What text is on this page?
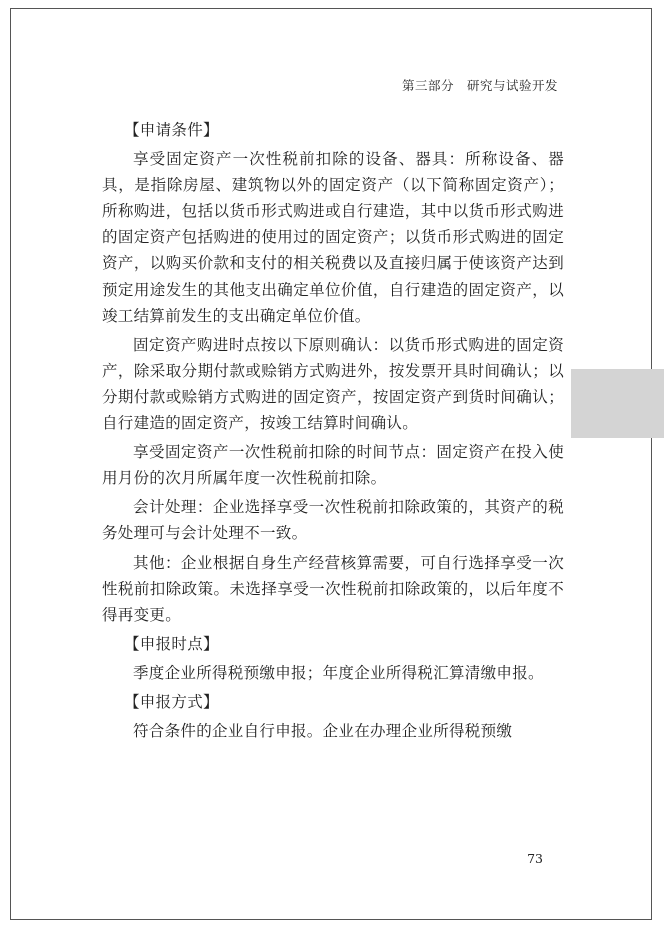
第三部分　研究与试验开发
【申请条件】
享受固定资产一次性税前扣除的设备、器具：所称设备、器具，是指除房屋、建筑物以外的固定资产（以下简称固定资产）；所称购进，包括以货币形式购进或自行建造，其中以货币形式购进的固定资产包括购进的使用过的固定资产；以货币形式购进的固定资产，以购买价款和支付的相关税费以及直接归属于使该资产达到预定用途发生的其他支出确定单位价值，自行建造的固定资产，以竣工结算前发生的支出确定单位价值。
固定资产购进时点按以下原则确认：以货币形式购进的固定资产，除采取分期付款或赊销方式购进外，按发票开具时间确认；以分期付款或赊销方式购进的固定资产，按固定资产到货时间确认；自行建造的固定资产，按竣工结算时间确认。
享受固定资产一次性税前扣除的时间节点：固定资产在投入使用月份的次月所属年度一次性税前扣除。
会计处理：企业选择享受一次性税前扣除政策的，其资产的税务处理可与会计处理不一致。
其他：企业根据自身生产经营核算需要，可自行选择享受一次性税前扣除政策。未选择享受一次性税前扣除政策的，以后年度不得再变更。
【申报时点】
季度企业所得税预缴申报；年度企业所得税汇算清缴申报。
【申报方式】
符合条件的企业自行申报。企业在办理企业所得税预缴
73
